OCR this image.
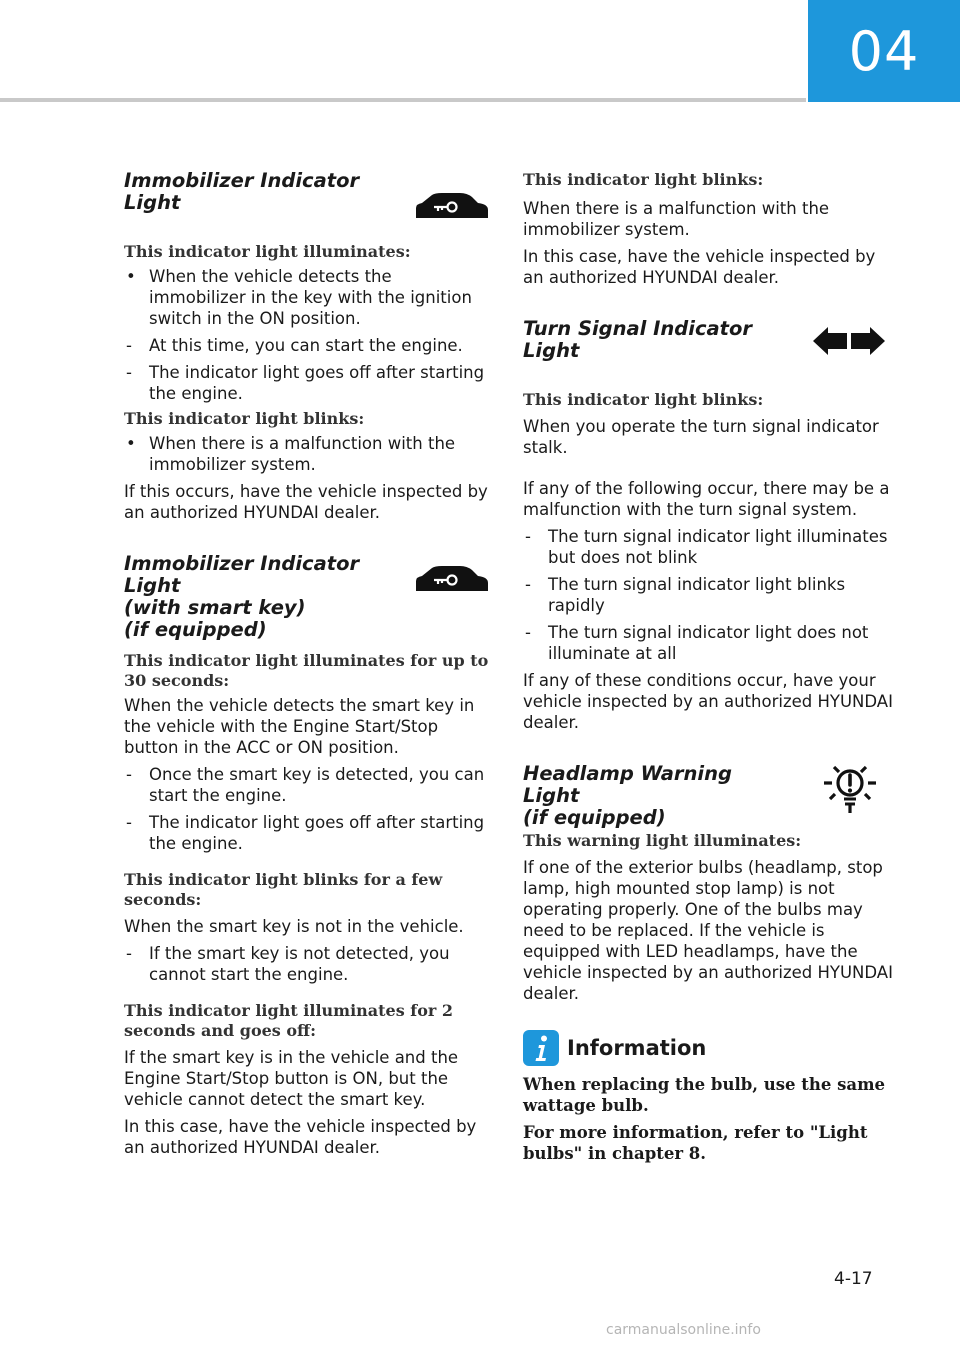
04
Immobilizer Indicator Light

This indicator light illuminates:

• When the vehicle detects the immobilizer in the key with the ignition switch in the ON position.

- At this time, you can start the engine.

- The indicator light goes off after starting the engine.

This indicator light blinks:

• When there is a malfunction with the immobilizer system.

If this occurs, have the vehicle inspected by an authorized HYUNDAI dealer.

Immobilizer Indicator Light
(with smart key)
(if equipped)

This indicator light illuminates for up to 30 seconds:

When the vehicle detects the smart key in the vehicle with the Engine Start/Stop button in the ACC or ON position.

- Once the smart key is detected, you can start the engine.

- The indicator light goes off after starting the engine.

This indicator light blinks for a few seconds:

When the smart key is not in the vehicle.

- If the smart key is not detected, you cannot start the engine.

This indicator light illuminates for 2 seconds and goes off:

If the smart key is in the vehicle and the Engine Start/Stop button is ON, but the vehicle cannot detect the smart key.

In this case, have the vehicle inspected by an authorized HYUNDAI dealer.

This indicator light blinks:

When there is a malfunction with the immobilizer system.

In this case, have the vehicle inspected by an authorized HYUNDAI dealer.

Turn Signal Indicator Light

This indicator light blinks:

When you operate the turn signal indicator stalk.

If any of the following occur, there may be a malfunction with the turn signal system.

- The turn signal indicator light illuminates but does not blink

- The turn signal indicator light blinks rapidly

- The turn signal indicator light does not illuminate at all

If any of these conditions occur, have your vehicle inspected by an authorized HYUNDAI dealer.

Headlamp Warning Light
(if equipped)

This warning light illuminates:

If one of the exterior bulbs (headlamp, stop lamp, high mounted stop lamp) is not operating properly. One of the bulbs may need to be replaced. If the vehicle is equipped with LED headlamps, have the vehicle inspected by an authorized HYUNDAI dealer.

Information

When replacing the bulb, use the same wattage bulb.

For more information, refer to "Light bulbs" in chapter 8.

4-17
carmanualsonline.info
